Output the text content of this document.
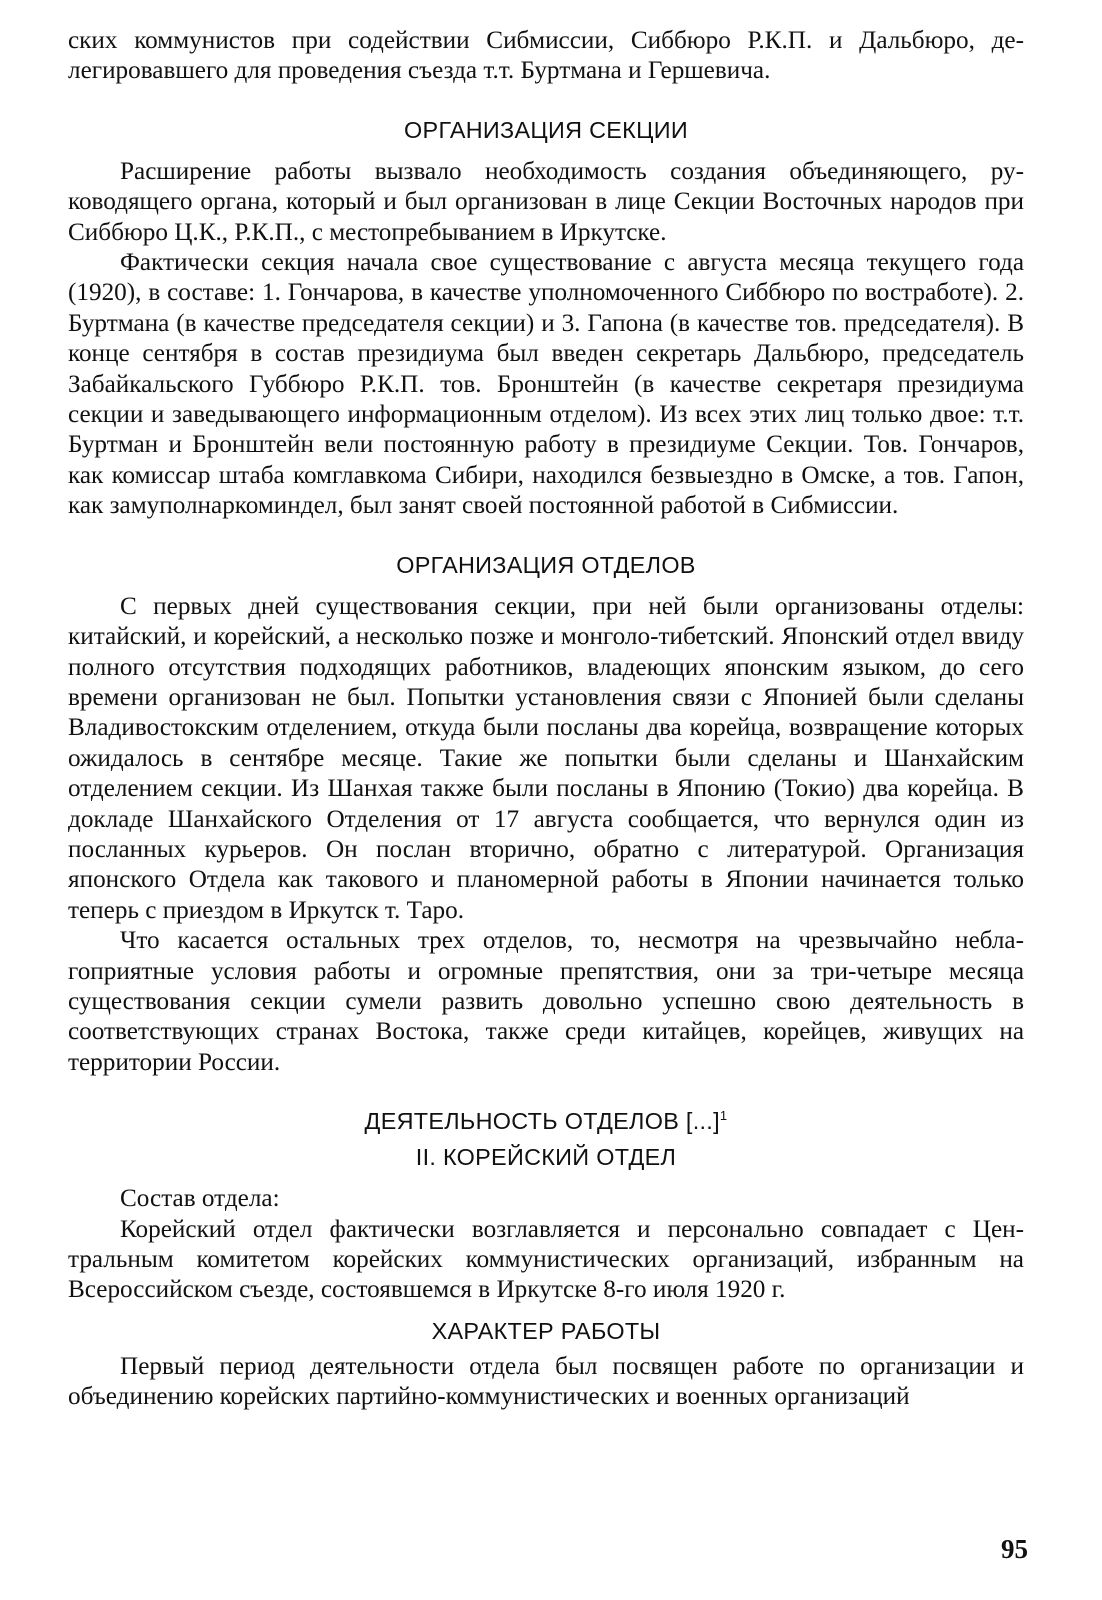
ских коммунистов при содействии Сибмиссии, Сиббюро Р.К.П. и Дальбюро, делегировавшего для проведения съезда т.т. Буртмана и Гершевича.

ОРГАНИЗАЦИЯ СЕКЦИИ

Расширение работы вызвало необходимость создания объединяющего, руководящего органа, который и был организован в лице Секции Восточных народов при Сиббюро Ц.К., Р.К.П., с местопребыванием в Иркутске.

Фактически секция начала свое существование с августа месяца текущего года (1920), в составе: 1. Гончарова, в качестве уполномоченного Сиббюро по востработе). 2. Буртмана (в качестве председателя секции) и 3. Гапона (в качестве тов. председателя). В конце сентября в состав президиума был введен секретарь Дальбюро, председатель Забайкальского Губбюро Р.К.П. тов. Бронштейн (в качестве секретаря президиума секции и заведывающего информационным отделом). Из всех этих лиц только двое: т.т. Буртман и Бронштейн вели постоянную работу в президиуме Секции. Тов. Гончаров, как комиссар штаба комглавкома Сибири, находился безвыездно в Омске, а тов. Гапон, как замуполнаркоминдел, был занят своей постоянной работой в Сибмиссии.

ОРГАНИЗАЦИЯ ОТДЕЛОВ

С первых дней существования секции, при ней были организованы отделы: китайский, и корейский, а несколько позже и монголо-тибетский. Японский отдел ввиду полного отсутствия подходящих работников, владеющих японским языком, до сего времени организован не был. Попытки установления связи с Японией были сделаны Владивостокским отделением, откуда были посланы два корейца, возвращение которых ожидалось в сентябре месяце. Такие же попытки были сделаны и Шанхайским отделением секции. Из Шанхая также были посланы в Японию (Токио) два корейца. В докладе Шанхайского Отделения от 17 августа сообщается, что вернулся один из посланных курьеров. Он послан вторично, обратно с литературой. Организация японского Отдела как такового и планомерной работы в Японии начинается только теперь с приездом в Иркутск т. Таро.

Что касается остальных трех отделов, то, несмотря на чрезвычайно неблагоприятные условия работы и огромные препятствия, они за три-четыре месяца существования секции сумели развить довольно успешно свою деятельность в соответствующих странах Востока, также среди китайцев, корейцев, живущих на территории России.

ДЕЯТЕЛЬНОСТЬ ОТДЕЛОВ [...]$^1$
II. КОРЕЙСКИЙ ОТДЕЛ

Состав отдела:

Корейский отдел фактически возглавляется и персонально совпадает с Центральным комитетом корейских коммунистических организаций, избранным на Всероссийском съезде, состоявшемся в Иркутске 8-го июля 1920 г.

ХАРАКТЕР РАБОТЫ

Первый период деятельности отдела был посвящен работе по организации и объединению корейских партийно-коммунистических и военных организаций

95
